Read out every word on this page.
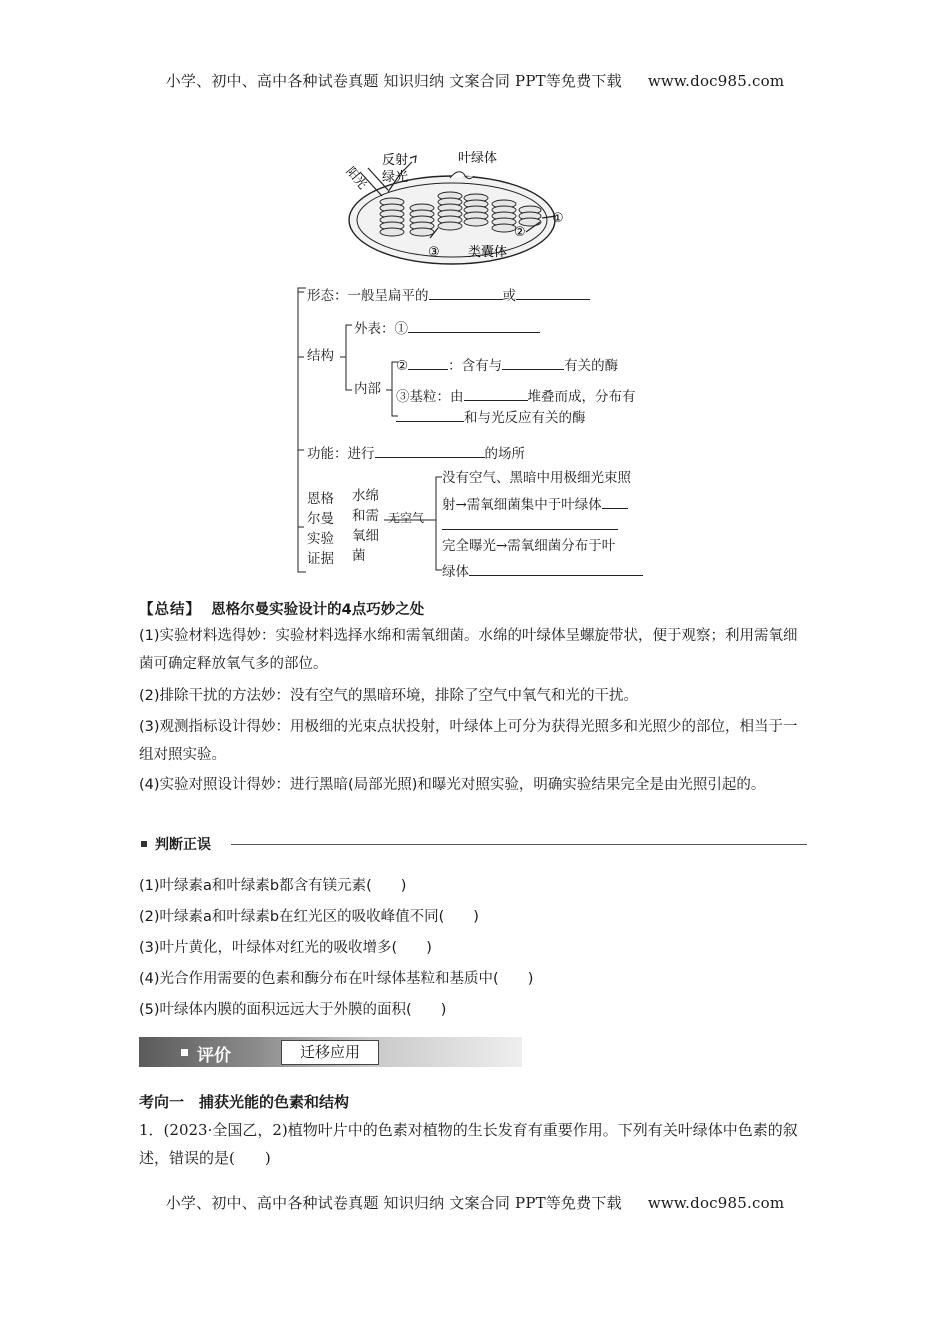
小学、初中、高中各种试卷真题 知识归纳 文案合同 PPT等免费下载 www.doc985.com
反射
绿光
叶绿体
阳光
①
②
③ 类囊体
形态：一般呈扁平的	或
结构
外表：①
内部
②	：含有与	有关的酶
③基粒：由	堆叠而成，分布有
和与光反应有关的酶
功能：进行	的场所
恩格
尔曼
实验
证据
水绵
和需
氧细
菌
无空气
没有空气、黑暗中用极细光束照
射→需氧细菌集中于叶绿体
完全曝光→需氧细菌分布于叶
绿体
【总结】 恩格尔曼实验设计的4点巧妙之处
(1)实验材料选得妙：实验材料选择水绵和需氧细菌。水绵的叶绿体呈螺旋带状，便于观察；利用需氧细菌可确定释放氧气多的部位。
(2)排除干扰的方法妙：没有空气的黑暗环境，排除了空气中氧气和光的干扰。
(3)观测指标设计得妙：用极细的光束点状投射，叶绿体上可分为获得光照多和光照少的部位，相当于一组对照实验。
(4)实验对照设计得妙：进行黑暗(局部光照)和曝光对照实验，明确实验结果完全是由光照引起的。
判断正误
(1)叶绿素a和叶绿素b都含有镁元素(　　)
(2)叶绿素a和叶绿素b在红光区的吸收峰值不同(　　)
(3)叶片黄化，叶绿体对红光的吸收增多(　　)
(4)光合作用需要的色素和酶分布在叶绿体基粒和基质中(　　)
(5)叶绿体内膜的面积远远大于外膜的面积(　　)
评价	迁移应用
考向一　捕获光能的色素和结构
1．(2023·全国乙，2)植物叶片中的色素对植物的生长发育有重要作用。下列有关叶绿体中色素的叙述，错误的是(　　)
小学、初中、高中各种试卷真题 知识归纳 文案合同 PPT等免费下载 www.doc985.com
